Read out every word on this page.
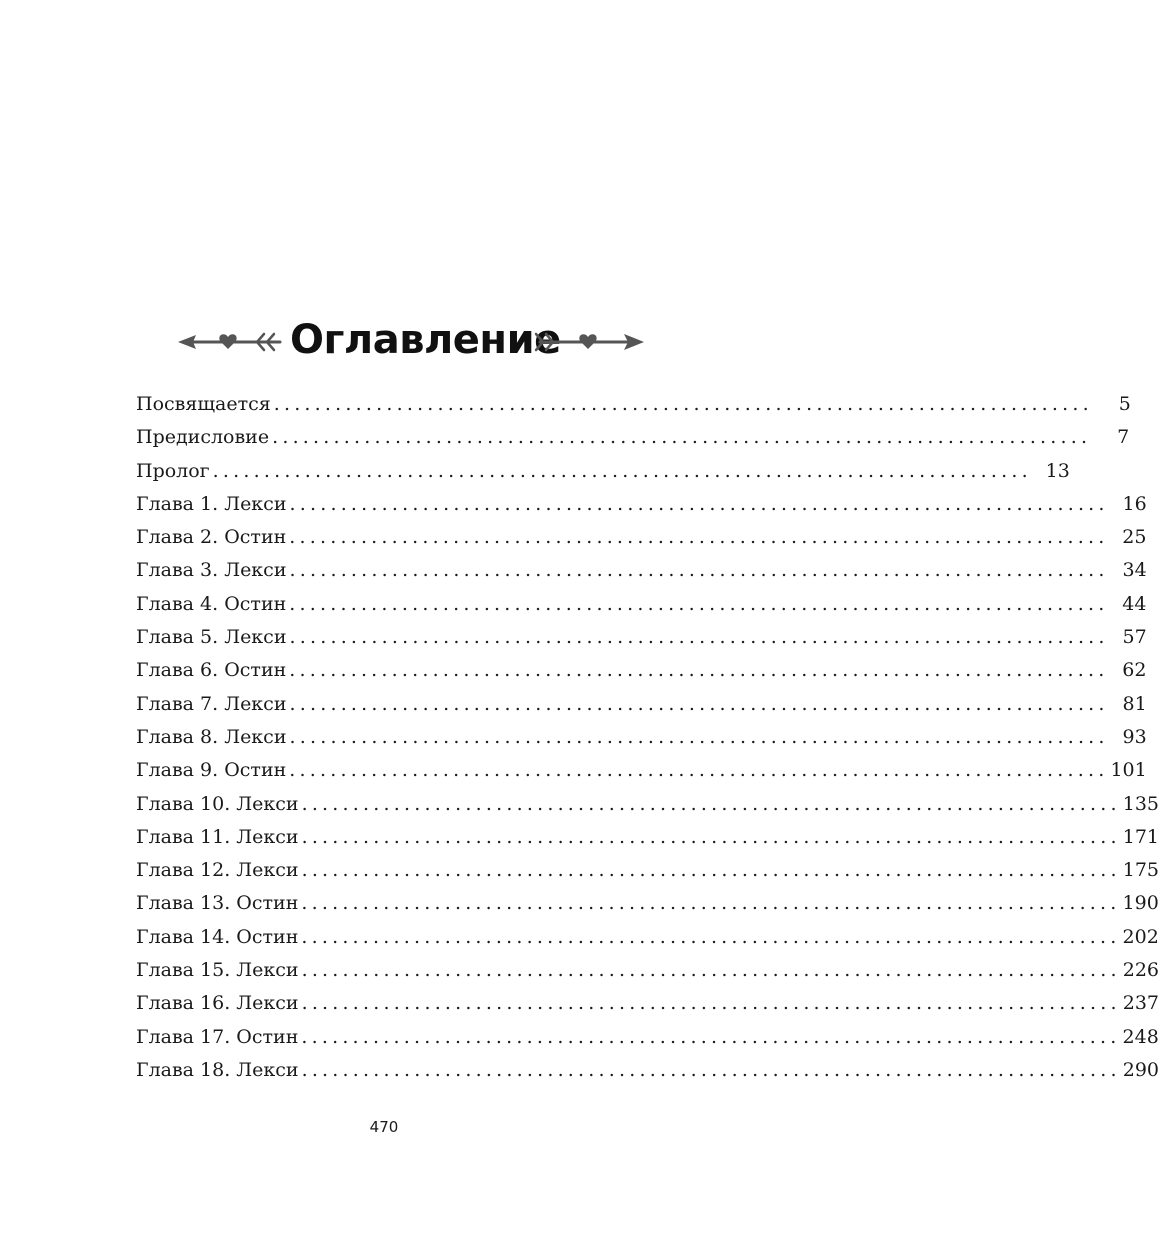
Оглавление
Посвящается ................................................................................	5
Предисловие ................................................................................	7
Пролог ................................................................................ 13
Глава 1. Лекси ................................................................................ 16
Глава 2. Остин ................................................................................ 25
Глава 3. Лекси ................................................................................ 34
Глава 4. Остин ................................................................................ 44
Глава 5. Лекси ................................................................................ 57
Глава 6. Остин ................................................................................ 62
Глава 7. Лекси ................................................................................ 81
Глава 8. Лекси ................................................................................ 93
Глава 9. Остин ................................................................................ 101
Глава 10. Лекси ................................................................................ 135
Глава 11. Лекси ................................................................................ 171
Глава 12. Лекси ................................................................................ 175
Глава 13. Остин ................................................................................ 190
Глава 14. Остин ................................................................................ 202
Глава 15. Лекси ................................................................................ 226
Глава 16. Лекси ................................................................................ 237
Глава 17. Остин ................................................................................ 248
Глава 18. Лекси ................................................................................ 290
470
